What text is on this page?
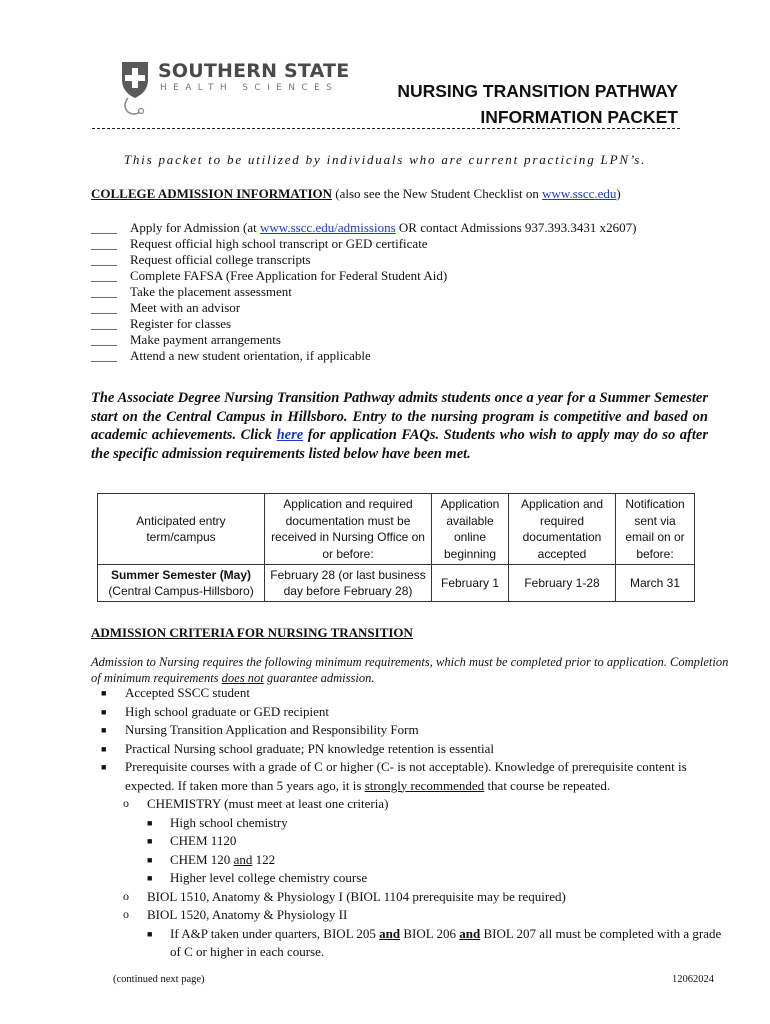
SOUTHERN STATE
HEALTH SCIENCES	NURSING TRANSITION PATHWAY
INFORMATION PACKET
This packet to be utilized by individuals who are current practicing LPN’s.
COLLEGE ADMISSION INFORMATION (also see the New Student Checklist on www.sscc.edu)
____ Apply for Admission (at www.sscc.edu/admissions OR contact Admissions 937.393.3431 x2607)
____ Request official high school transcript or GED certificate
____ Request official college transcripts
____ Complete FAFSA (Free Application for Federal Student Aid)
____ Take the placement assessment
____ Meet with an advisor
____ Register for classes
____ Make payment arrangements
____ Attend a new student orientation, if applicable
The Associate Degree Nursing Transition Pathway admits students once a year for a Summer Semester start on the Central Campus in Hillsboro. Entry to the nursing program is competitive and based on academic achievements. Click here for application FAQs. Students who wish to apply may do so after the specific admission requirements listed below have been met.
Anticipated entry term/campus	Application and required documentation must be received in Nursing Office on or before:	Application available online beginning	Application and required documentation accepted	Notification sent via email on or before:

Summer Semester (May)
(Central Campus-Hillsboro)	February 28 (or last business day before February 28)	February 1	February 1-28	March 31
ADMISSION CRITERIA FOR NURSING TRANSITION
Admission to Nursing requires the following minimum requirements, which must be completed prior to application. Completion of minimum requirements does not guarantee admission.
■ Accepted SSCC student
■ High school graduate or GED recipient
■ Nursing Transition Application and Responsibility Form
■ Practical Nursing school graduate; PN knowledge retention is essential
■ Prerequisite courses with a grade of C or higher (C- is not acceptable). Knowledge of prerequisite content is expected. If taken more than 5 years ago, it is strongly recommended that course be repeated.
o CHEMISTRY (must meet at least one criteria)
■ High school chemistry
■ CHEM 1120
■ CHEM 120 and 122
■ Higher level college chemistry course
o BIOL 1510, Anatomy & Physiology I (BIOL 1104 prerequisite may be required)
o BIOL 1520, Anatomy & Physiology II
■ If A&P taken under quarters, BIOL 205 and BIOL 206 and BIOL 207 all must be completed with a grade of C or higher in each course.
(continued next page)	12062024
